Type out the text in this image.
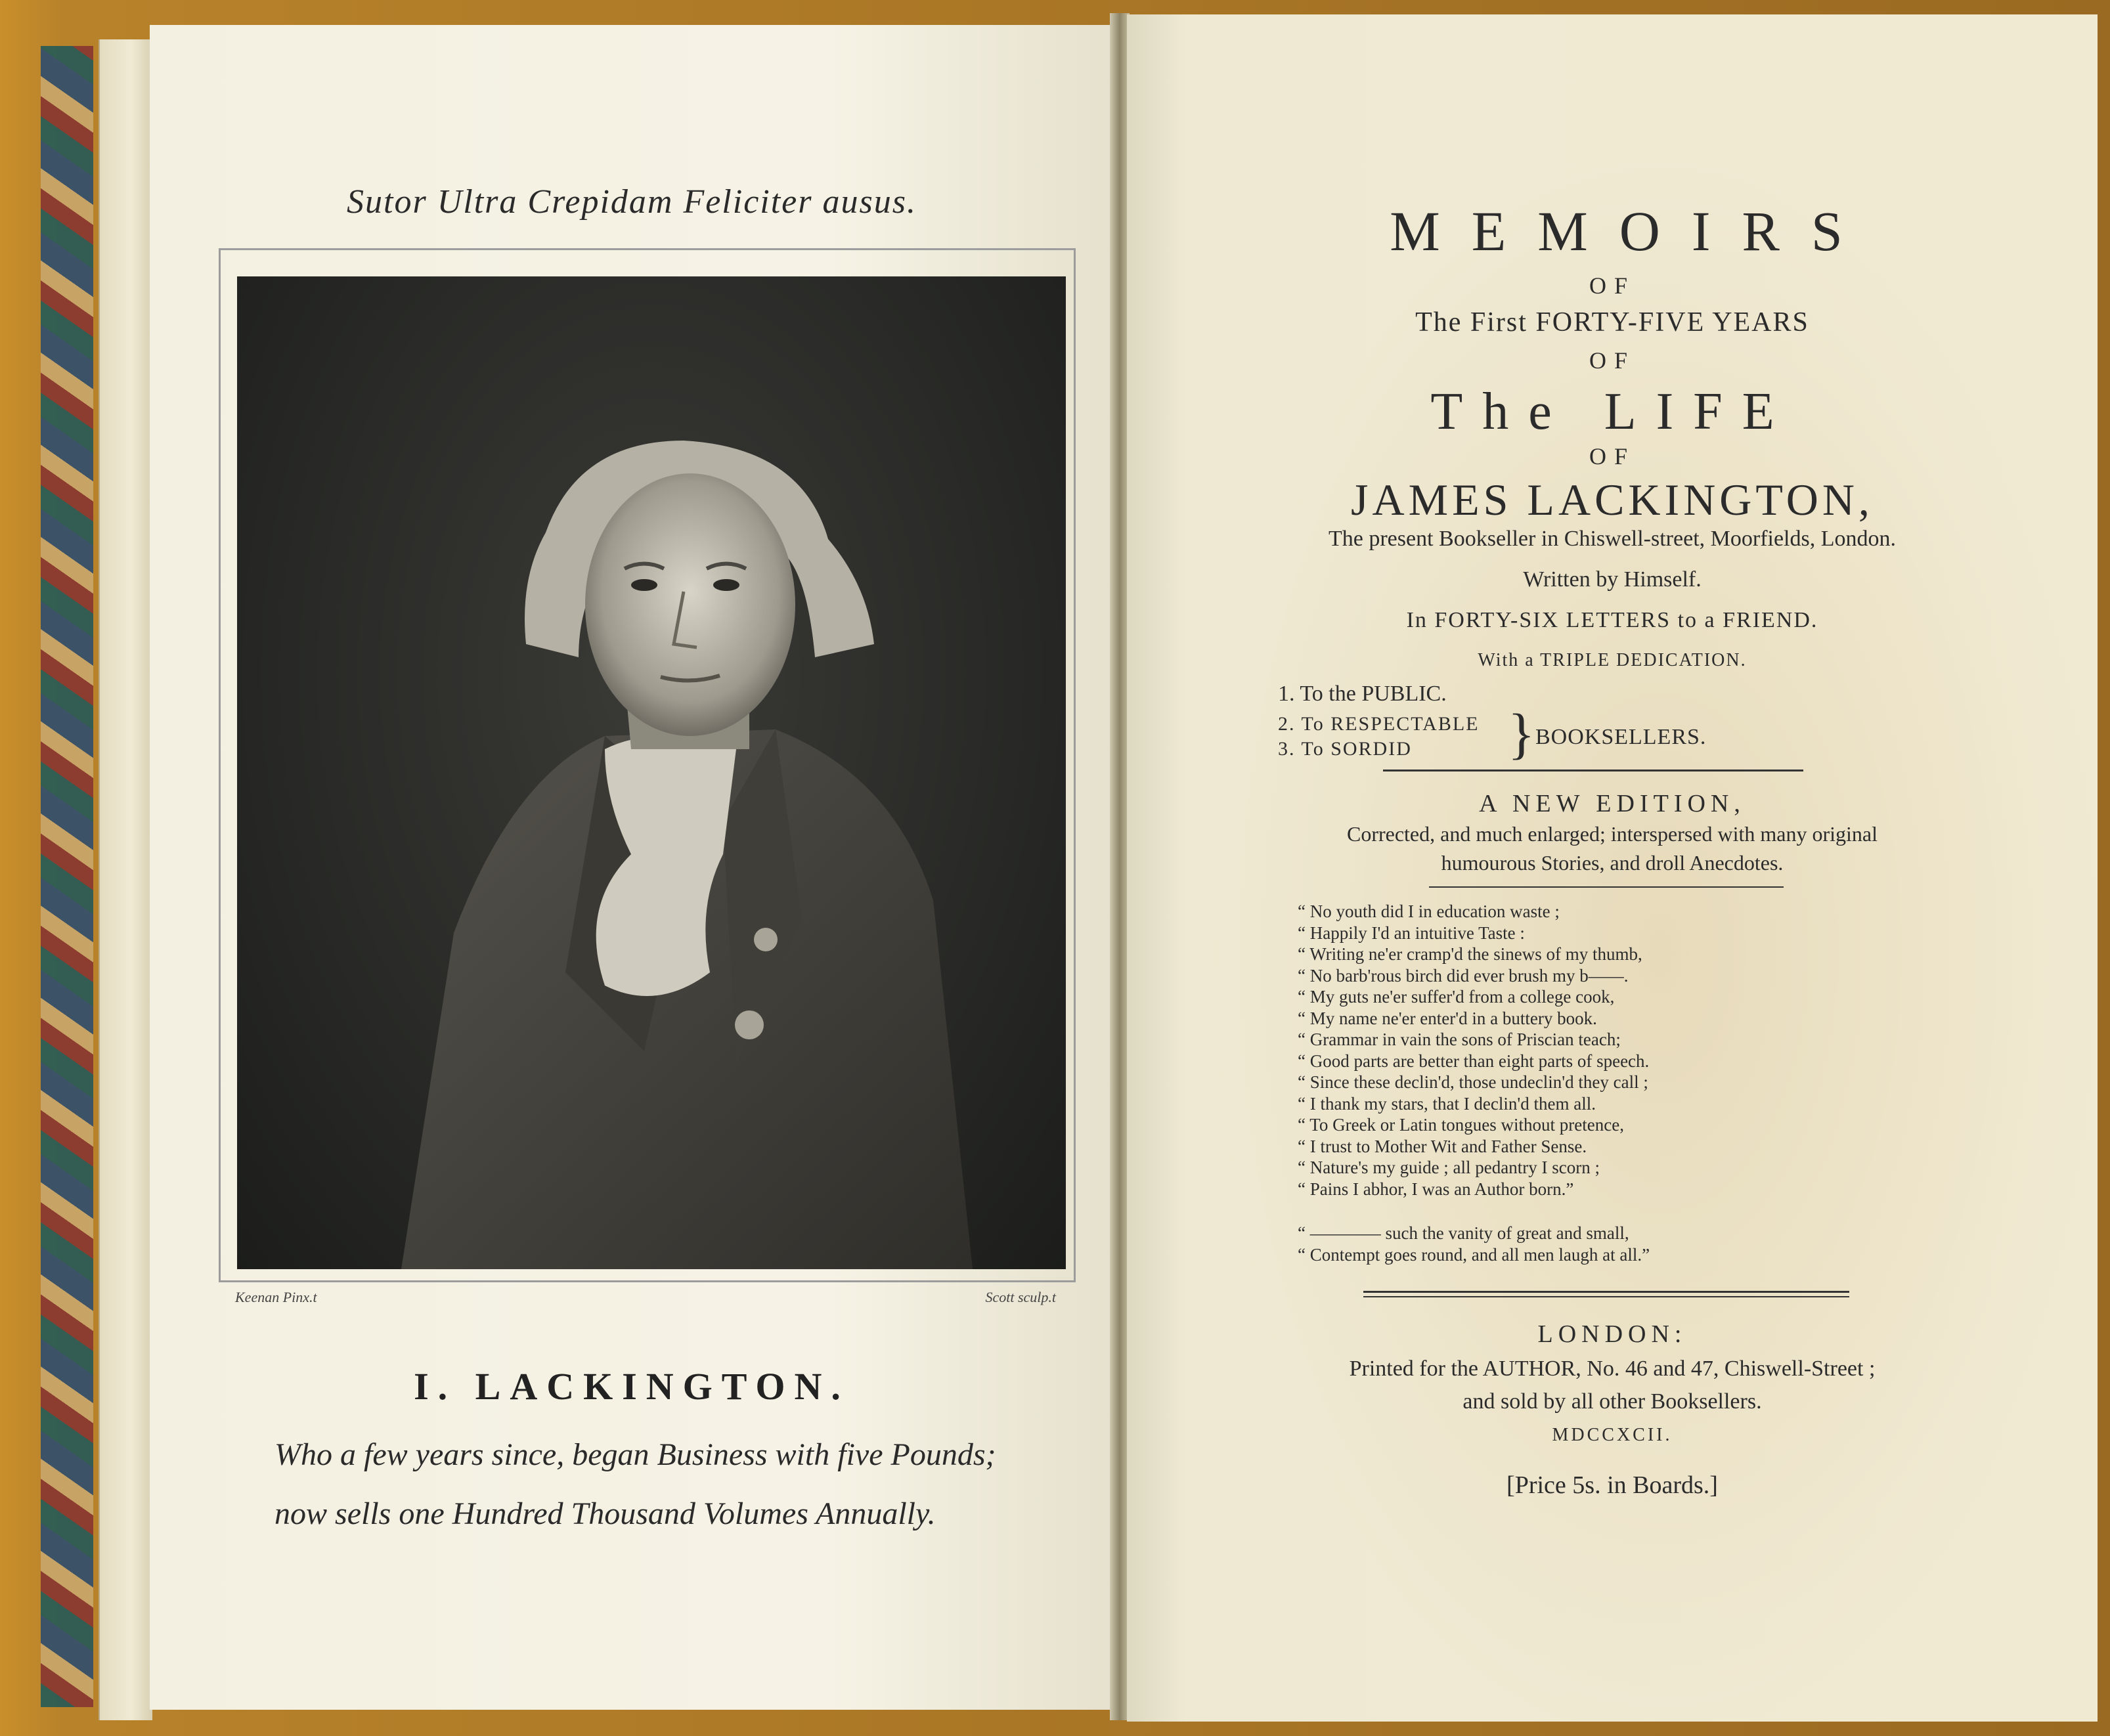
Sutor Ultra Crepidam Feliciter ausus.
Keenan Pinx.t	Scott sculp.t
I. LACKINGTON.
Who a few years since, began Business with five Pounds;
now sells one Hundred Thousand Volumes Annually.
MEMOIRS
OF
The First FORTY-FIVE YEARS
OF
The LIFE
OF
JAMES LACKINGTON,
The present Bookseller in Chiswell-street, Moorfields, London.
Written by Himself.
In FORTY-SIX LETTERS to a FRIEND.
With a TRIPLE DEDICATION.
1. To the PUBLIC.
2. To RESPECTABLE
3. To SORDID } BOOKSELLERS.
A NEW EDITION,
Corrected, and much enlarged; interspersed with many original
humourous Stories, and droll Anecdotes.
“ No youth did I in education waste ;
“ Happily I'd an intuitive Taste :
“ Writing ne'er cramp'd the sinews of my thumb,
“ No barb'rous birch did ever brush my b——.
“ My guts ne'er suffer'd from a college cook,
“ My name ne'er enter'd in a buttery book.
“ Grammar in vain the sons of Priscian teach;
“ Good parts are better than eight parts of speech.
“ Since these declin'd, those undeclin'd they call ;
“ I thank my stars, that I declin'd them all.
“ To Greek or Latin tongues without pretence,
“ I trust to Mother Wit and Father Sense.
“ Nature's my guide ; all pedantry I scorn ;
“ Pains I abhor, I was an Author born.”
“ ———— such the vanity of great and small,
“ Contempt goes round, and all men laugh at all.”
LONDON:
Printed for the AUTHOR, No. 46 and 47, Chiswell-Street ;
and sold by all other Booksellers.
MDCCXCII.
[Price 5s. in Boards.]
